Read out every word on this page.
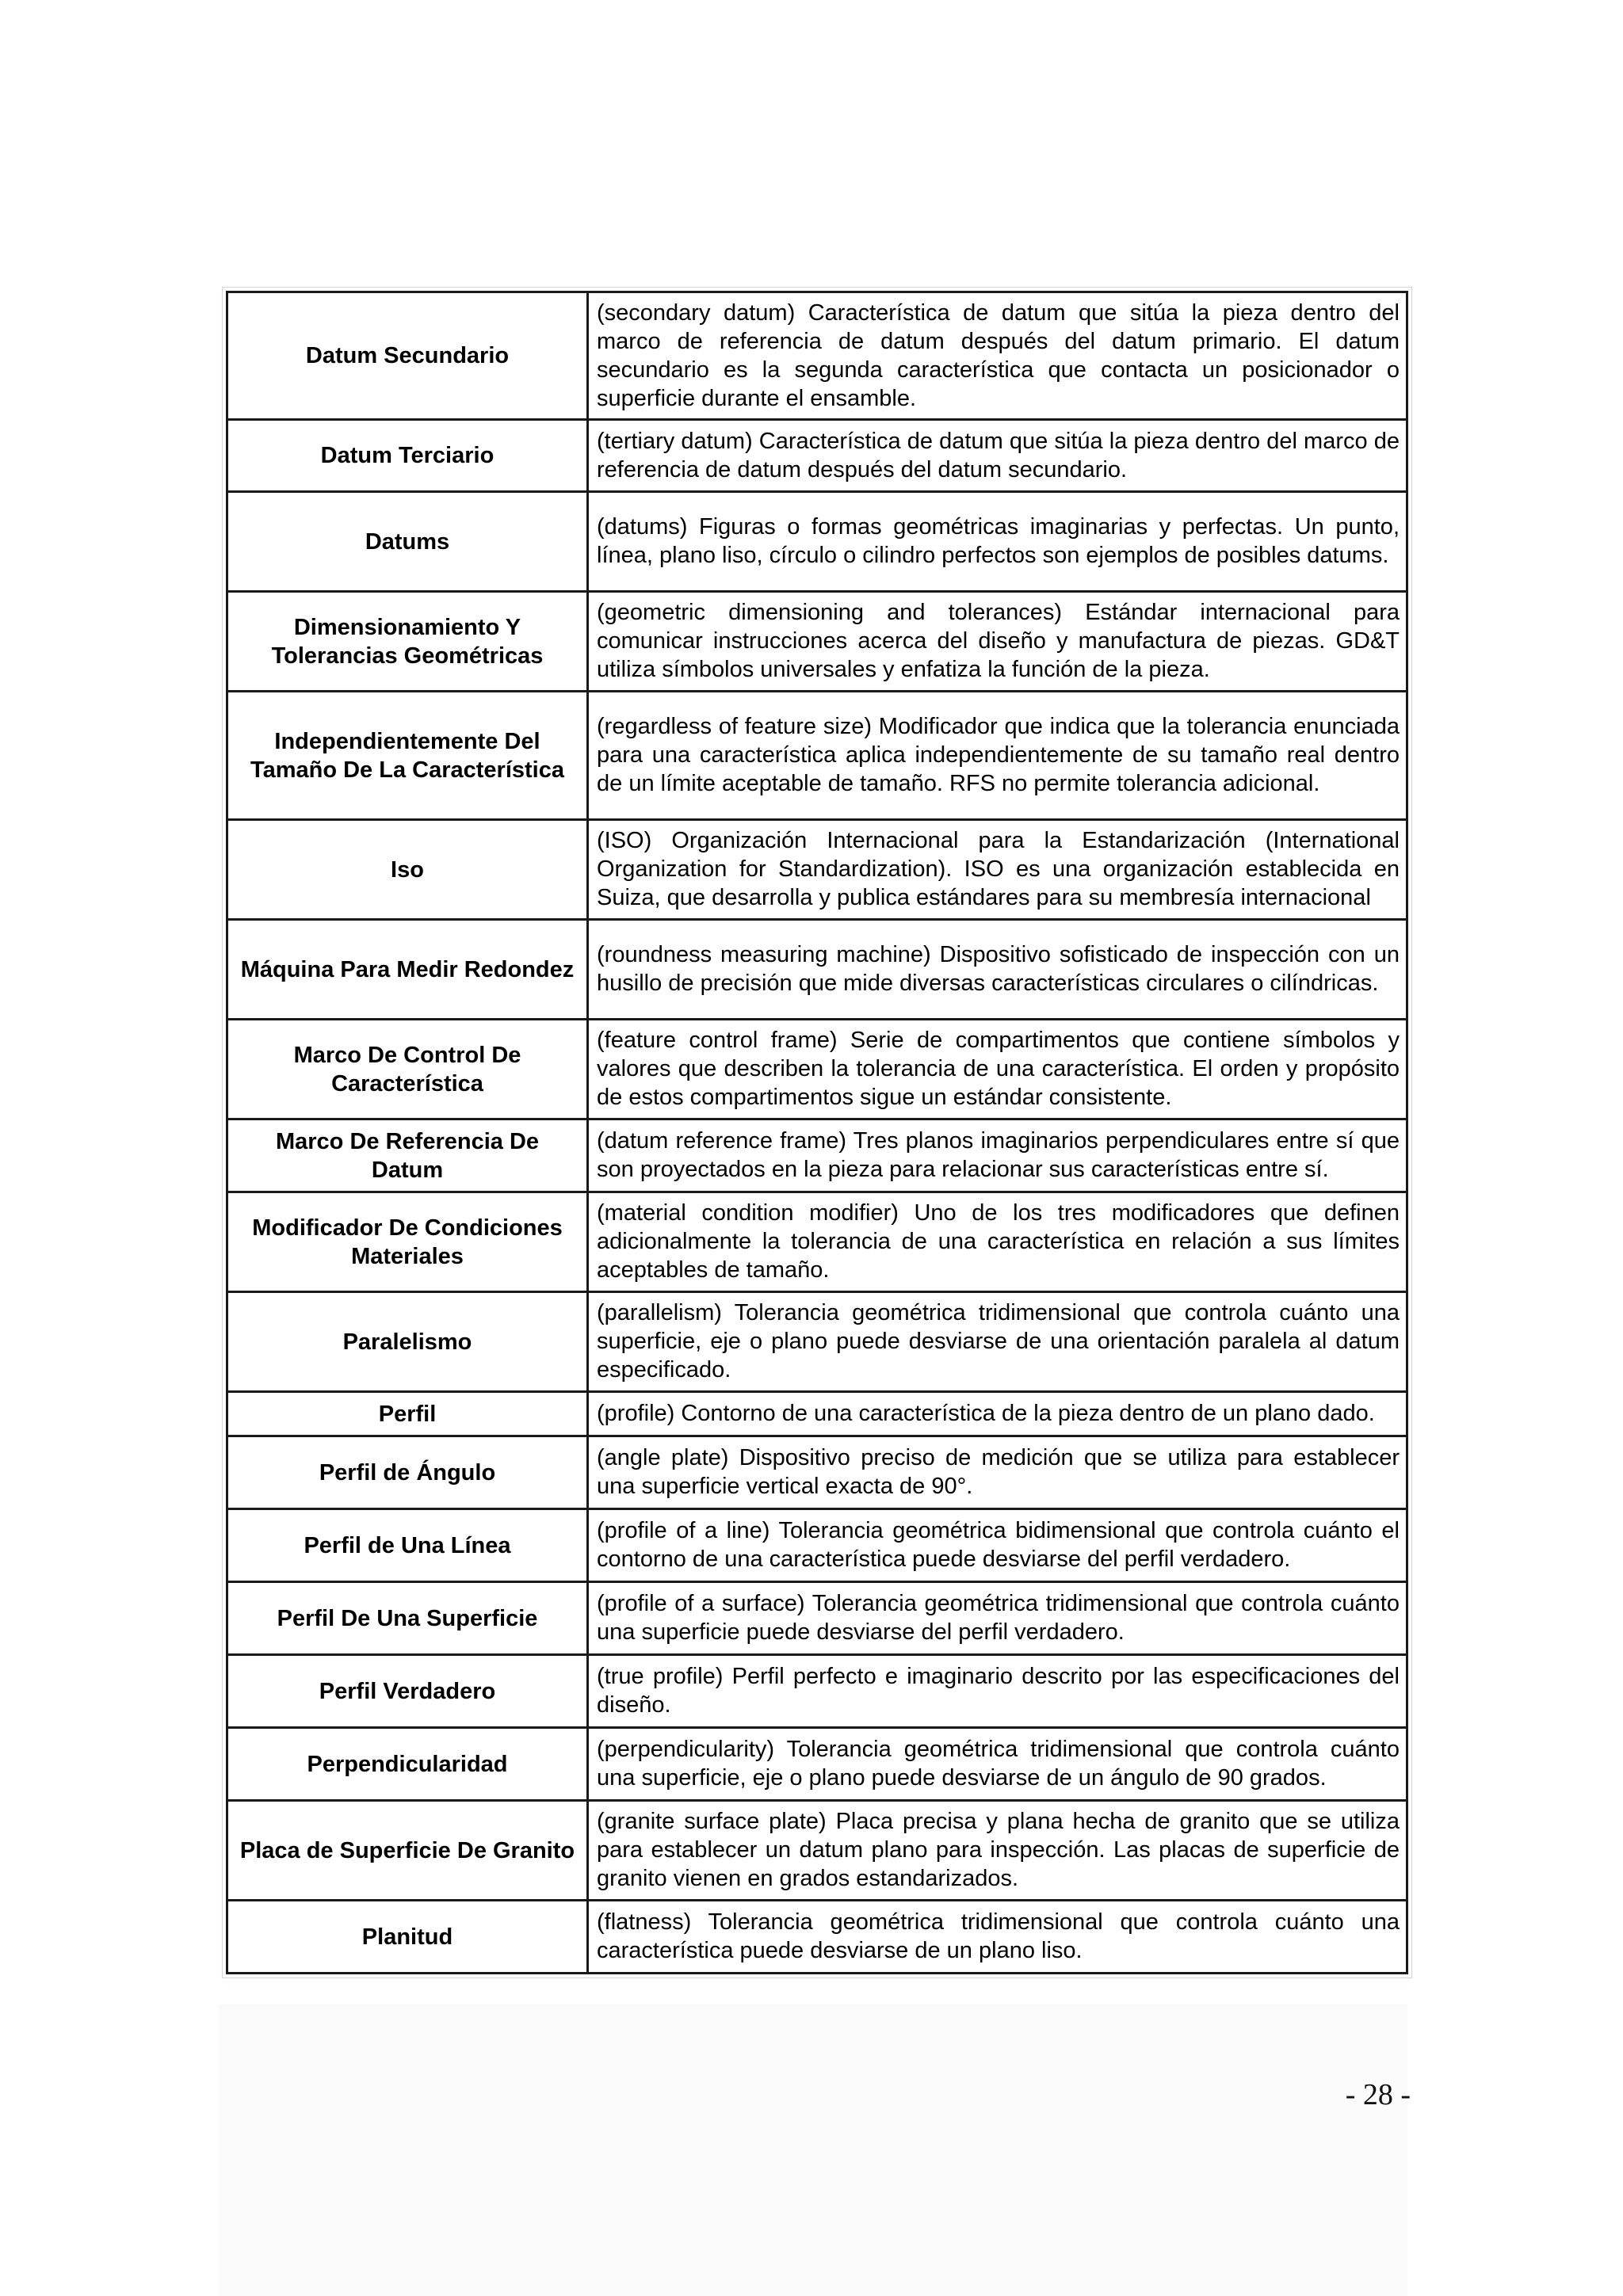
Datum Secundario	(secondary datum) Característica de datum que sitúa la pieza dentro del marco de referencia de datum después del datum primario. El datum secundario es la segunda característica que contacta un posicionador o superficie durante el ensamble.
Datum Terciario	(tertiary datum) Característica de datum que sitúa la pieza dentro del marco de referencia de datum después del datum secundario.
Datums	(datums) Figuras o formas geométricas imaginarias y perfectas. Un punto, línea, plano liso, círculo o cilindro perfectos son ejemplos de posibles datums.
Dimensionamiento Y Tolerancias Geométricas	(geometric dimensioning and tolerances) Estándar internacional para comunicar instrucciones acerca del diseño y manufactura de piezas. GD&T utiliza símbolos universales y enfatiza la función de la pieza.
Independientemente Del Tamaño De La Característica	(regardless of feature size) Modificador que indica que la tolerancia enunciada para una característica aplica independientemente de su tamaño real dentro de un límite aceptable de tamaño. RFS no permite tolerancia adicional.
Iso	(ISO) Organización Internacional para la Estandarización (International Organization for Standardization). ISO es una organización establecida en Suiza, que desarrolla y publica estándares para su membresía internacional
Máquina Para Medir Redondez	(roundness measuring machine) Dispositivo sofisticado de inspección con un husillo de precisión que mide diversas características circulares o cilíndricas.
Marco De Control De Característica	(feature control frame) Serie de compartimentos que contiene símbolos y valores que describen la tolerancia de una característica. El orden y propósito de estos compartimentos sigue un estándar consistente.
Marco De Referencia De Datum	(datum reference frame) Tres planos imaginarios perpendiculares entre sí que son proyectados en la pieza para relacionar sus características entre sí.
Modificador De Condiciones Materiales	(material condition modifier) Uno de los tres modificadores que definen adicionalmente la tolerancia de una característica en relación a sus límites aceptables de tamaño.
Paralelismo	(parallelism) Tolerancia geométrica tridimensional que controla cuánto una superficie, eje o plano puede desviarse de una orientación paralela al datum especificado.
Perfil	(profile) Contorno de una característica de la pieza dentro de un plano dado.
Perfil de Ángulo	(angle plate) Dispositivo preciso de medición que se utiliza para establecer una superficie vertical exacta de 90°.
Perfil de Una Línea	(profile of a line) Tolerancia geométrica bidimensional que controla cuánto el contorno de una característica puede desviarse del perfil verdadero.
Perfil De Una Superficie	(profile of a surface) Tolerancia geométrica tridimensional que controla cuánto una superficie puede desviarse del perfil verdadero.
Perfil Verdadero	(true profile) Perfil perfecto e imaginario descrito por las especificaciones del diseño.
Perpendicularidad	(perpendicularity) Tolerancia geométrica tridimensional que controla cuánto una superficie, eje o plano puede desviarse de un ángulo de 90 grados.
Placa de Superficie De Granito	(granite surface plate) Placa precisa y plana hecha de granito que se utiliza para establecer un datum plano para inspección. Las placas de superficie de granito vienen en grados estandarizados.
Planitud	(flatness) Tolerancia geométrica tridimensional que controla cuánto una característica puede desviarse de un plano liso.
- 28 -
